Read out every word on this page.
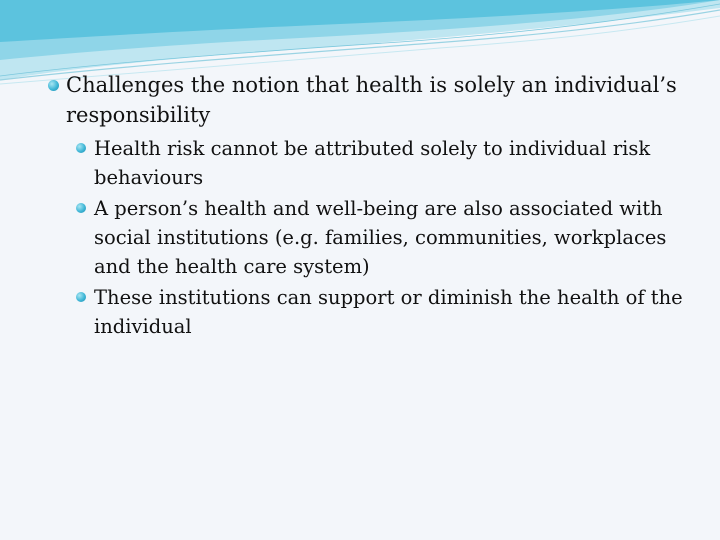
Challenges the notion that health is solely an individual’s responsibility
Health risk cannot be attributed solely to individual risk behaviours
A person’s health and well-being are also associated with social institutions (e.g. families, communities, workplaces and the health care system)
These institutions can support or diminish the health of the individual
